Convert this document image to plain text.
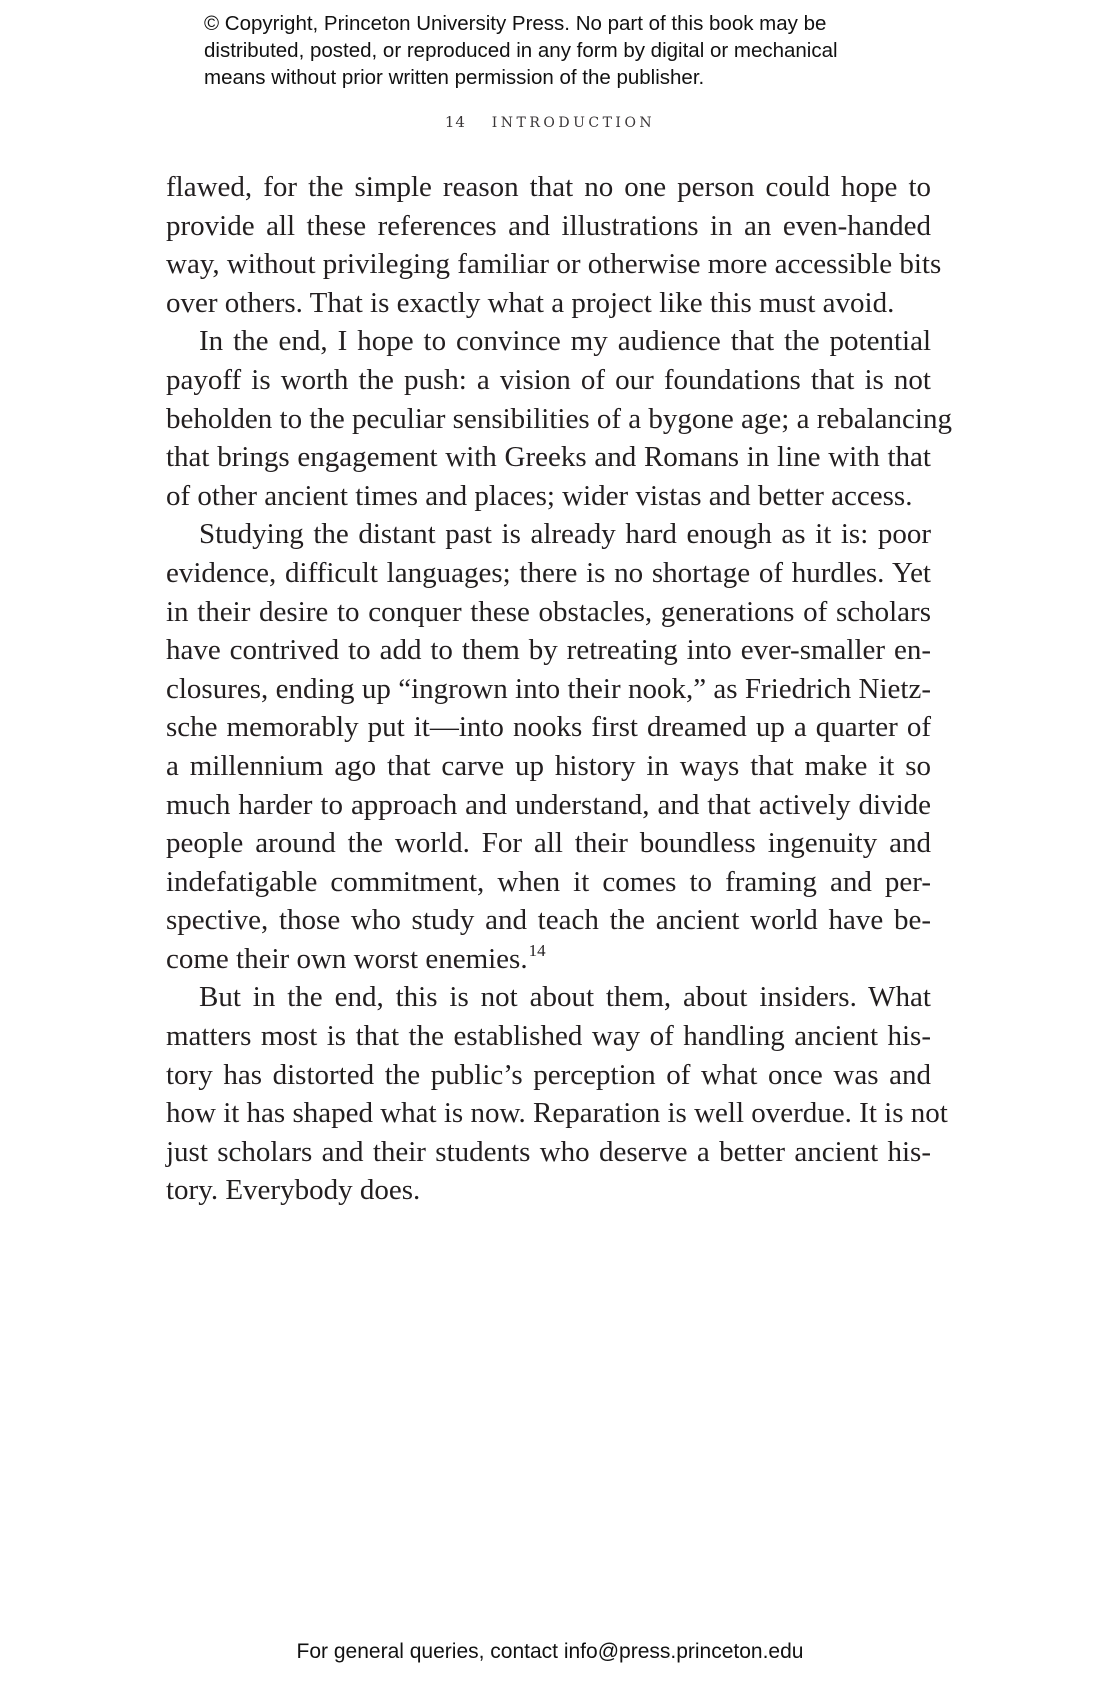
© Copyright, Princeton University Press. No part of this book may be
distributed, posted, or reproduced in any form by digital or mechanical
means without prior written permission of the publisher.
14 INTRODUCTION

flawed, for the simple reason that no one person could hope to
provide all these references and illustrations in an even-handed
way, without privileging familiar or otherwise more accessible bits
over others. That is exactly what a project like this must avoid.

In the end, I hope to convince my audience that the potential
payoff is worth the push: a vision of our foundations that is not
beholden to the peculiar sensibilities of a bygone age; a rebalancing
that brings engagement with Greeks and Romans in line with that
of other ancient times and places; wider vistas and better access.

Studying the distant past is already hard enough as it is: poor
evidence, difficult languages; there is no shortage of hurdles. Yet
in their desire to conquer these obstacles, generations of scholars
have contrived to add to them by retreating into ever-smaller en-
closures, ending up “ingrown into their nook,” as Friedrich Nietz-
sche memorably put it—into nooks first dreamed up a quarter of
a millennium ago that carve up history in ways that make it so
much harder to approach and understand, and that actively divide
people around the world. For all their boundless ingenuity and
indefatigable commitment, when it comes to framing and per-
spective, those who study and teach the ancient world have be-
come their own worst enemies.$^{14}$

But in the end, this is not about them, about insiders. What
matters most is that the established way of handling ancient his-
tory has distorted the public’s perception of what once was and
how it has shaped what is now. Reparation is well overdue. It is not
just scholars and their students who deserve a better ancient his-
tory. Everybody does.

For general queries, contact info@press.princeton.edu
